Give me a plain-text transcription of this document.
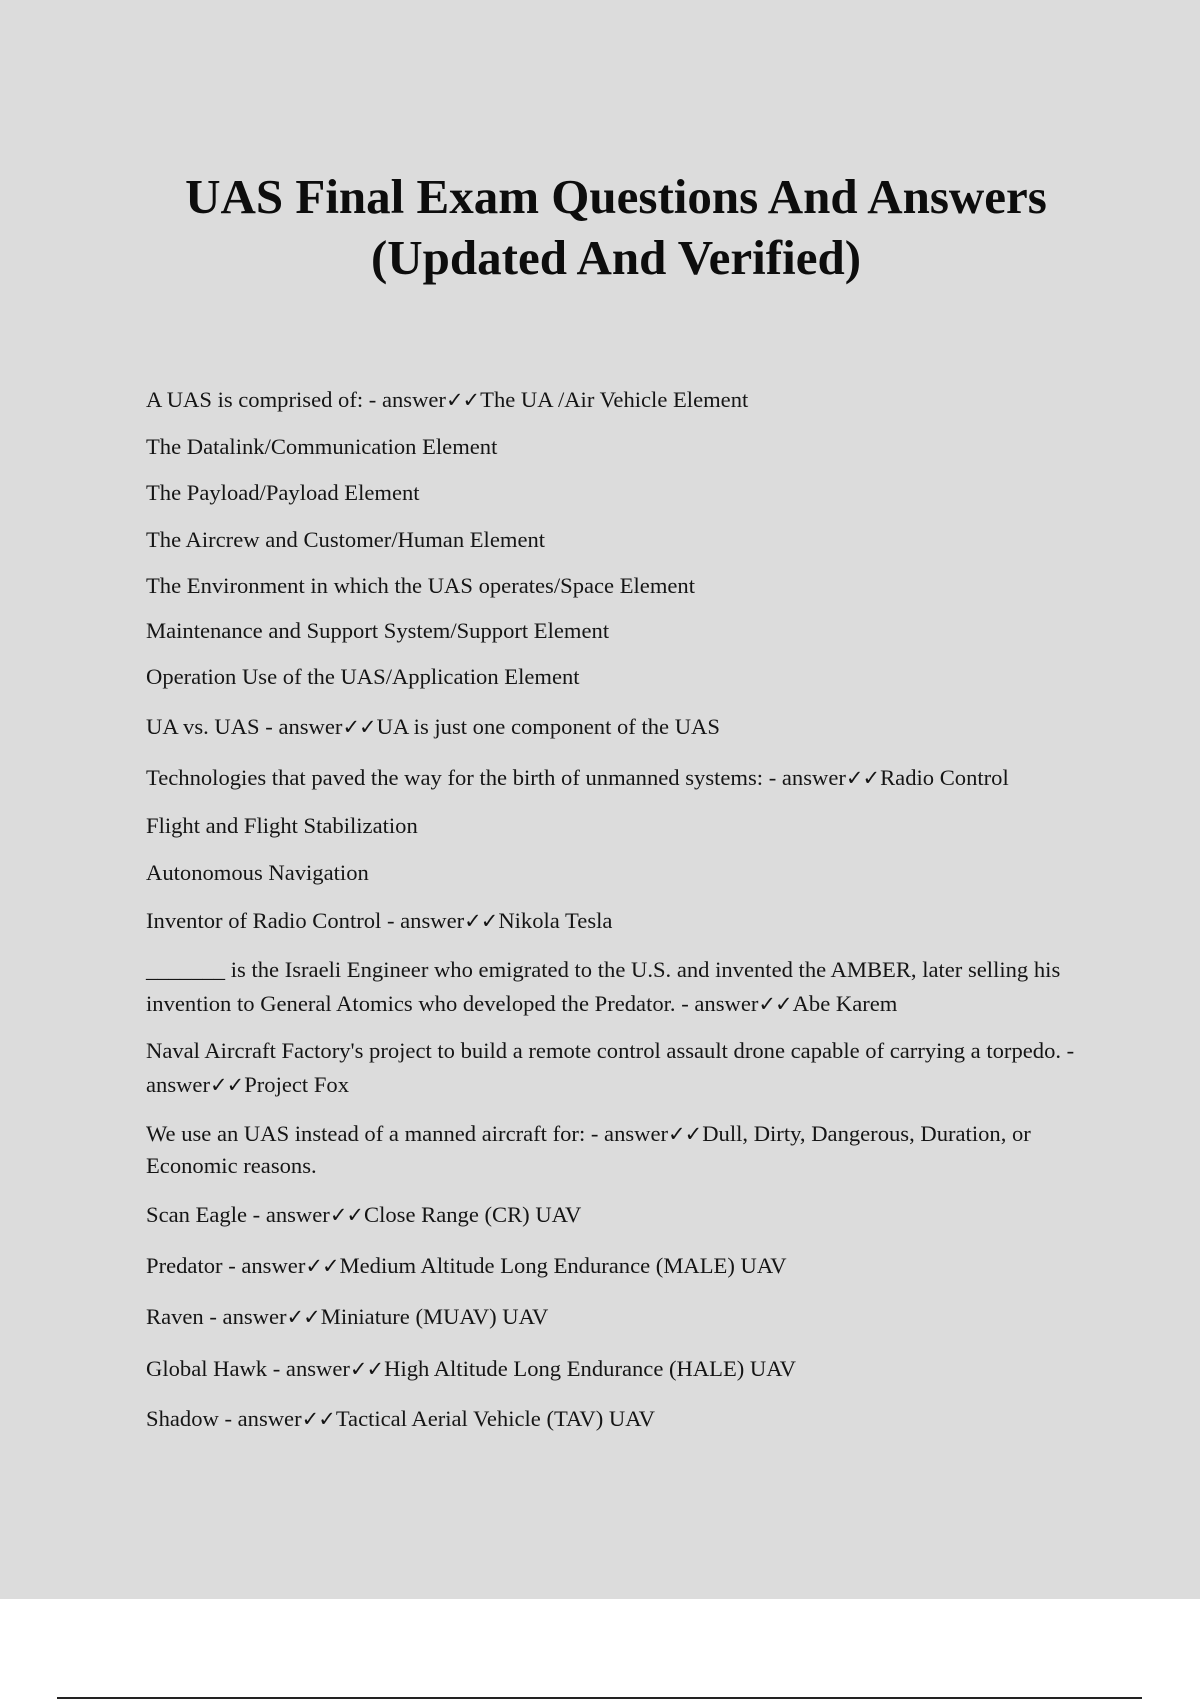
UAS Final Exam Questions And Answers
(Updated And Verified)
A UAS is comprised of: - answer✓✓The UA /Air Vehicle Element
The Datalink/Communication Element
The Payload/Payload Element
The Aircrew and Customer/Human Element
The Environment in which the UAS operates/Space Element
Maintenance and Support System/Support Element
Operation Use of the UAS/Application Element
UA vs. UAS - answer✓✓UA is just one component of the UAS
Technologies that paved the way for the birth of unmanned systems: - answer✓✓Radio Control
Flight and Flight Stabilization
Autonomous Navigation
Inventor of Radio Control - answer✓✓Nikola Tesla
_______ is the Israeli Engineer who emigrated to the U.S. and invented the AMBER, later selling his invention to General Atomics who developed the Predator. - answer✓✓Abe Karem
Naval Aircraft Factory's project to build a remote control assault drone capable of carrying a torpedo. - answer✓✓Project Fox
We use an UAS instead of a manned aircraft for: - answer✓✓Dull, Dirty, Dangerous, Duration, or Economic reasons.
Scan Eagle - answer✓✓Close Range (CR) UAV
Predator - answer✓✓Medium Altitude Long Endurance (MALE) UAV
Raven - answer✓✓Miniature (MUAV) UAV
Global Hawk - answer✓✓High Altitude Long Endurance (HALE) UAV
Shadow - answer✓✓Tactical Aerial Vehicle (TAV) UAV
